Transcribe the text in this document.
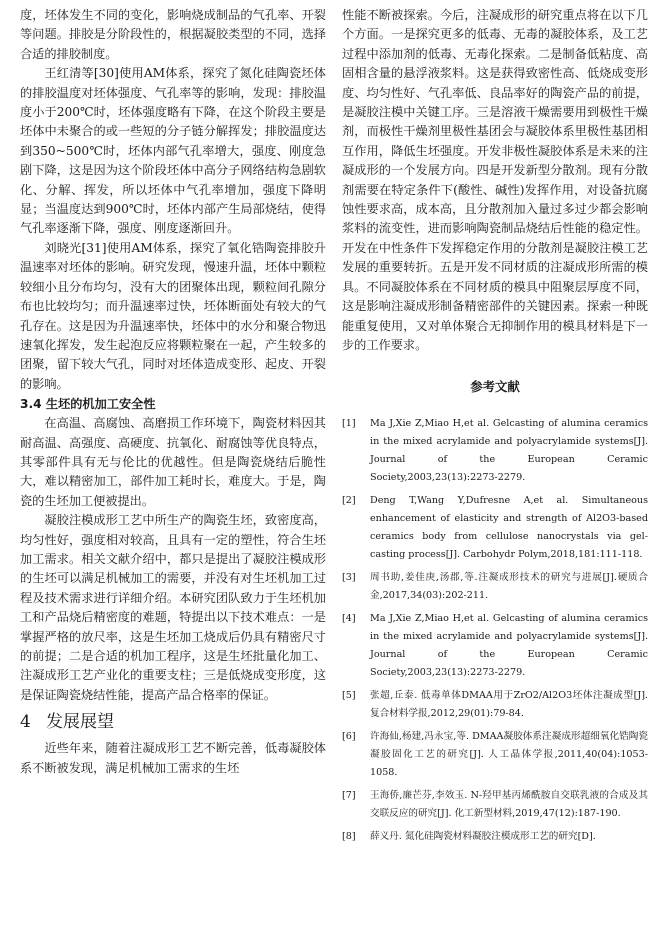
度，坯体发生不同的变化，影响烧成制品的气孔率、开裂等问题。排胶是分阶段性的，根据凝胶类型的不同，选择合适的排胶制度。

王红清等[30]使用AM体系，探究了氮化硅陶瓷坯体的排胶温度对坯体强度、气孔率等的影响，发现：排胶温度小于200℃时，坯体强度略有下降，在这个阶段主要是坯体中未聚合的或一些短的分子链分解挥发；排胶温度达到350~500℃时，坯体内部气孔率增大，强度、刚度急剧下降，这是因为这个阶段坯体中高分子网络结构急剧软化、分解、挥发，所以坯体中气孔率增加，强度下降明显；当温度达到900℃时，坯体内部产生局部烧结，使得气孔率逐渐下降，强度、刚度逐渐回升。

刘晓光[31]使用AM体系，探究了氧化锆陶瓷排胶升温速率对坯体的影响。研究发现，慢速升温，坯体中颗粒较细小且分布均匀，没有大的团聚体出现，颗粒间孔隙分布也比较均匀；而升温速率过快，坯体断面处有较大的气孔存在。这是因为升温速率快，坯体中的水分和聚合物迅速氧化挥发，发生起泡反应将颗粒聚在一起，产生较多的团聚，留下较大气孔，同时对坯体造成变形、起皮、开裂的影响。

3.4 生坯的机加工安全性

在高温、高腐蚀、高磨损工作环境下，陶瓷材料因其耐高温、高强度、高硬度、抗氧化、耐腐蚀等优良特点，其零部件具有无与伦比的优越性。但是陶瓷烧结后脆性大，难以精密加工，部件加工耗时长，难度大。于是，陶瓷的生坯加工便被提出。

凝胶注模成形工艺中所生产的陶瓷生坯，致密度高，均匀性好，强度相对较高，且具有一定的塑性，符合生坯加工需求。相关文献介绍中，都只是提出了凝胶注模成形的生坯可以满足机械加工的需要，并没有对生坯机加工过程及技术需求进行详细介绍。本研究团队致力于生坯机加工和产品烧后精密度的难题，特提出以下技术难点：一是掌握严格的放尺率，这是生坯加工烧成后仍具有精密尺寸的前提；二是合适的机加工程序，这是生坯批量化加工、注凝成形工艺产业化的重要支柱；三是低烧成变形度，这是保证陶瓷烧结性能，提高产品合格率的保证。

4 发展展望

近些年来，随着注凝成形工艺不断完善，低毒凝胶体系不断被发现，满足机械加工需求的生坯

性能不断被探索。今后，注凝成形的研究重点将在以下几个方面。一是探究更多的低毒、无毒的凝胶体系，及工艺过程中添加剂的低毒、无毒化探索。二是制备低粘度、高固相含量的悬浮液浆料。这是获得致密性高、低烧成变形度、均匀性好、气孔率低、良品率好的陶瓷产品的前提，是凝胶注模中关键工序。三是溶液干燥需要用到极性干燥剂，而极性干燥剂里极性基团会与凝胶体系里极性基团相互作用，降低生坯强度。开发非极性凝胶体系是未来的注凝成形的一个发展方向。四是开发新型分散剂。现有分散剂需要在特定条件下(酸性、碱性)发挥作用，对设备抗腐蚀性要求高，成本高，且分散剂加入量过多过少都会影响浆料的流变性，进而影响陶瓷制品烧结后性能的稳定性。开发在中性条件下发挥稳定作用的分散剂是凝胶注模工艺发展的重要转折。五是开发不同材质的注凝成形所需的模具。不同凝胶体系在不同材质的模具中阻聚层厚度不同，这是影响注凝成形制备精密部件的关键因素。探索一种既能重复使用，又对单体聚合无抑制作用的模具材料是下一步的工作要求。

参考文献
[1]	Ma J,Xie Z,Miao H,et al. Gelcasting of alumina ceramics in the mixed acrylamide and polyacrylamide systems[J]. Journal of the European Ceramic Society,2003,23(13):2273-2279.
[2]	Deng T,Wang Y,Dufresne A,et al. Simultaneous enhancement of elasticity and strength of Al2O3-based ceramics body from cellulose nanocrystals via gel-casting process[J]. Carbohydr Polym,2018,181:111-118.
[3]	周书助,姜佳庚,汤郡,等.注凝成形技术的研究与进展[J].硬质合金,2017,34(03):202-211.
[4]	Ma J,Xie Z,Miao H,et al. Gelcasting of alumina ceramics in the mixed acrylamide and polyacrylamide systems[J]. Journal of the European Ceramic Society,2003,23(13):2273-2279.
[5]	张超,丘泰. 低毒单体DMAA用于ZrO2/Al2O3坯体注凝成型[J]. 复合材料学报,2012,29(01):79-84.
[6]	许海仙,杨建,冯永宝,等. DMAA凝胶体系注凝成形超细氧化锆陶瓷凝胶固化工艺的研究[J]. 人工晶体学报,2011,40(04):1053-1058.
[7]	王海侨,廉芒芬,李效玉. N-羟甲基丙烯酰胺自交联乳液的合成及其交联反应的研究[J]. 化工新型材料,2019,47(12):187-190.
[8]	薛义丹. 氮化硅陶瓷材料凝胶注模成形工艺的研究[D].
